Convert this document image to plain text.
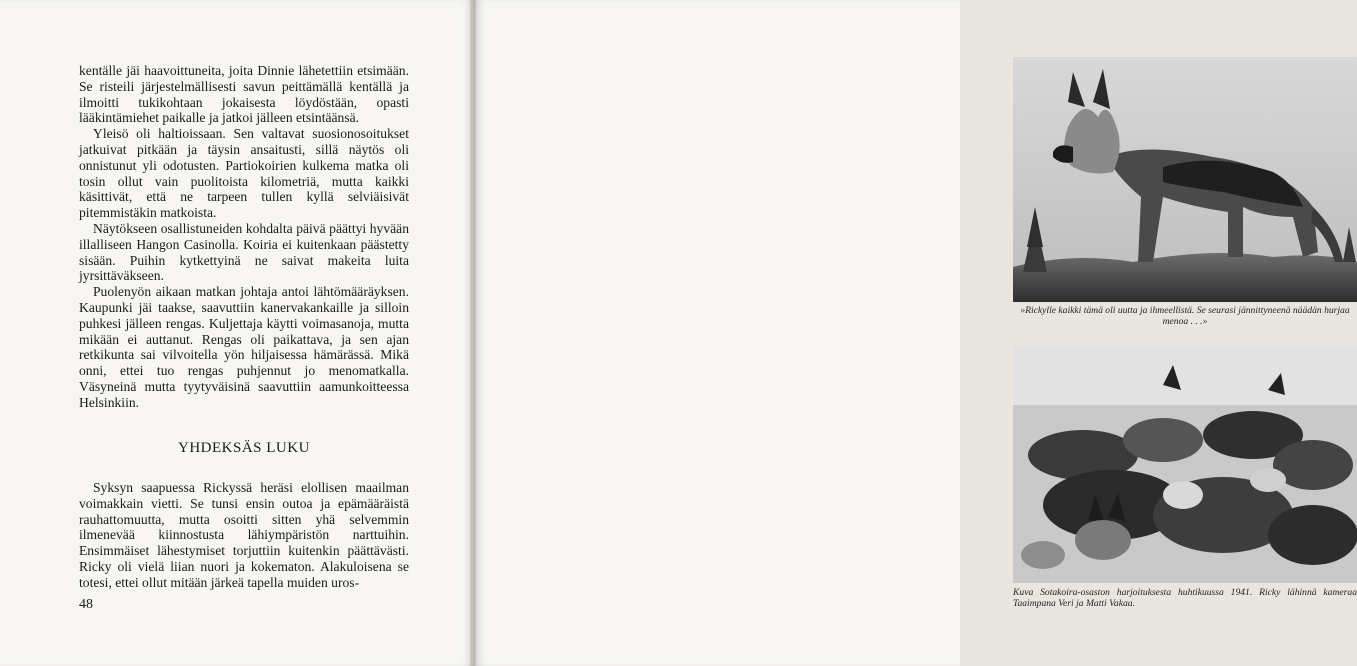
kentälle jäi haavoittuneita, joita Dinnie lähetettiin etsimään. Se risteili järjestelmällisesti savun peittämällä kentällä ja ilmoitti tukikohtaan jokaisesta löydöstään, opasti lääkintämiehet paikalle ja jatkoi jälleen etsintäänsä.

Yleisö oli haltioissaan. Sen valtavat suosionosoitukset jatkuivat pitkään ja täysin ansaitusti, sillä näytös oli onnistunut yli odotusten. Partiokoirien kulkema matka oli tosin ollut vain puolitoista kilometriä, mutta kaikki käsittivät, että ne tarpeen tullen kyllä selviäisivät pitemmistäkin matkoista.

Näytökseen osallistuneiden kohdalta päivä päättyi hyvään illalliseen Hangon Casinolla. Koiria ei kuitenkaan päästetty sisään. Puihin kytkettyinä ne saivat makeita luita jyrsittäväkseen.

Puolenyön aikaan matkan johtaja antoi lähtömääräyksen. Kaupunki jäi taakse, saavuttiin kanervakankaille ja silloin puhkesi jälleen rengas. Kuljettaja käytti voimasanoja, mutta mikään ei auttanut. Rengas oli paikattava, ja sen ajan retkikunta sai vilvoitella yön hiljaisessa hämärässä. Mikä onni, ettei tuo rengas puhjennut jo menomatkalla. Väsyneinä mutta tyytyväisinä saavuttiin aamunkoitteessa Helsinkiin.

YHDEKSÄS LUKU

Syksyn saapuessa Rickyssä heräsi elollisen maailman voimakkain vietti. Se tunsi ensin outoa ja epämääräistä rauhattomuutta, mutta osoitti sitten yhä selvemmin ilmenevää kiinnostusta lähiympäristön narttuihin. Ensimmäiset lähestymiset torjuttiin kuitenkin päättävästi. Ricky oli vielä liian nuori ja kokematon. Alakuloisena se totesi, ettei ollut mitään järkeä tapella muiden uros-

48

»Rickylle kaikki tämä oli uutta ja ihmeellistä. Se seurasi jännittyneenä näädän hurjaa menoa . . .»

Kuva Sotakoira-osaston harjoituksesta huhtikuussa 1941. Ricky lähinnä kameraa Taaimpana Veri ja Matti Vakaa.
